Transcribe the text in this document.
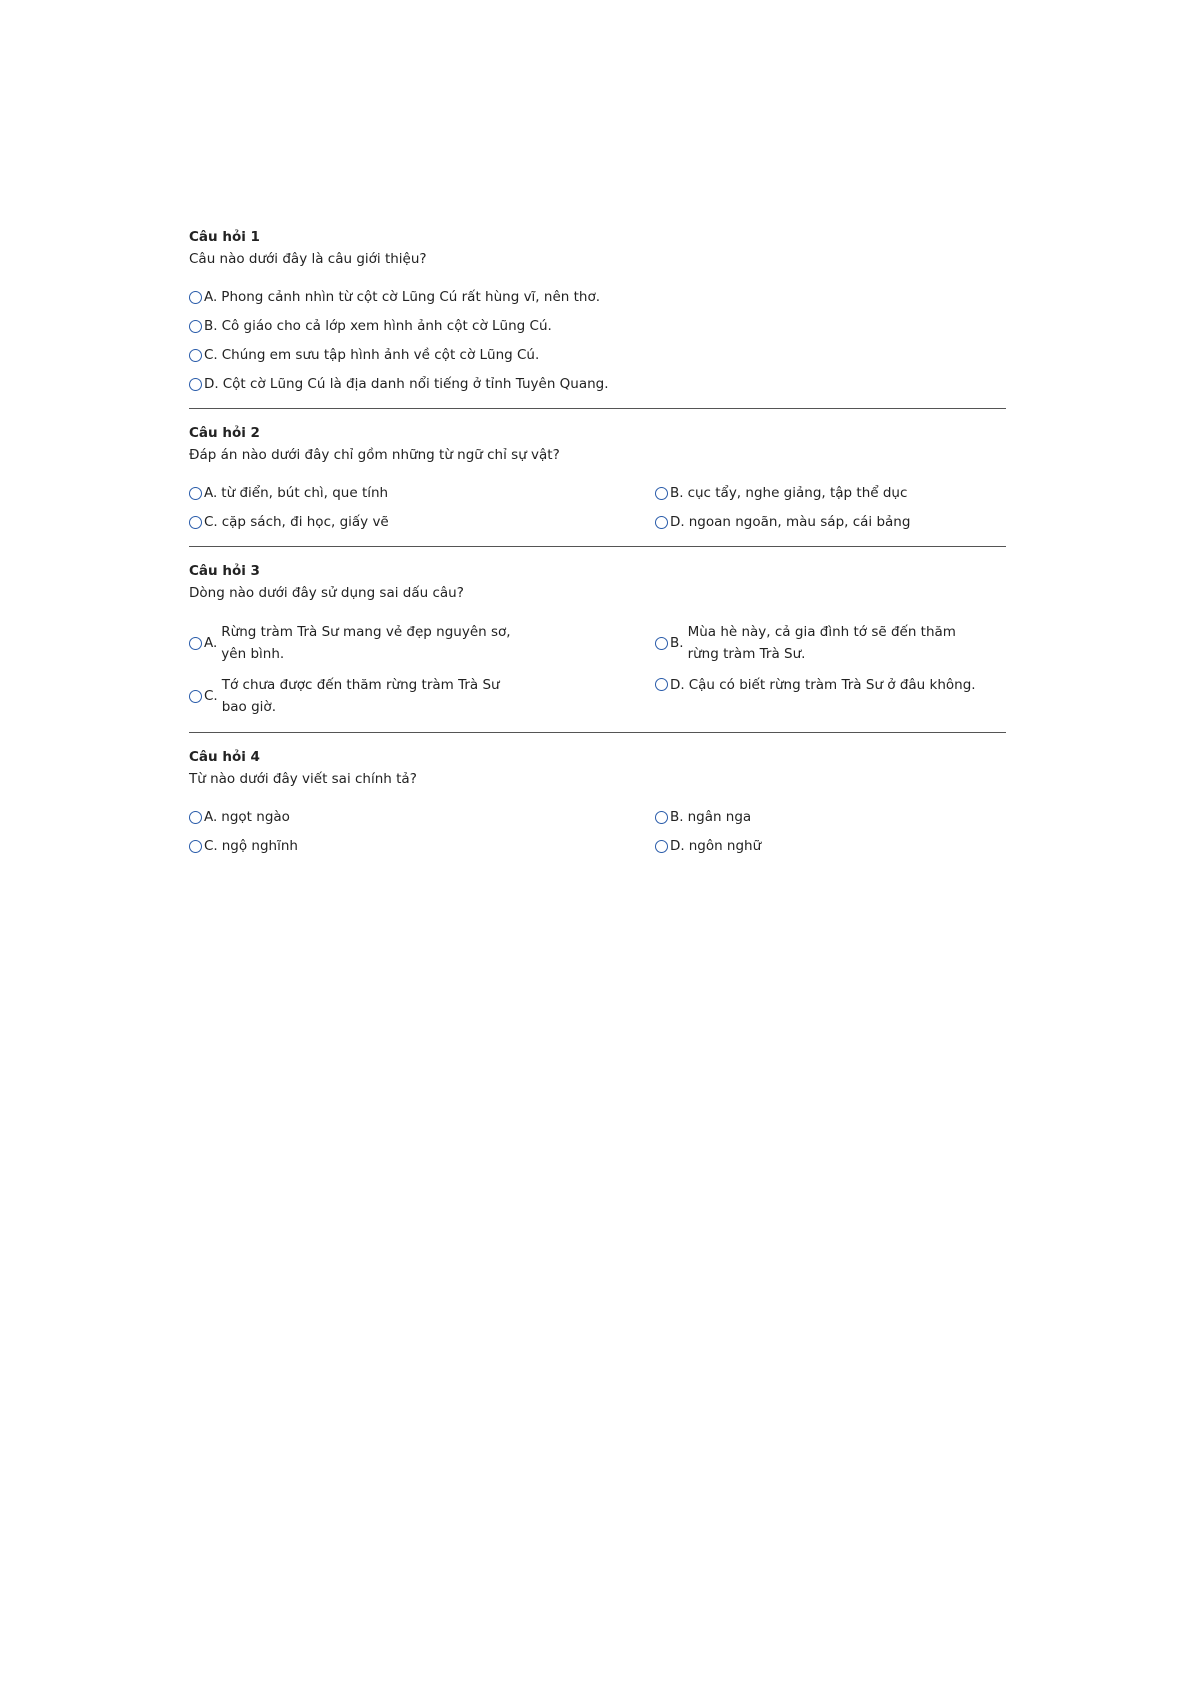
Câu hỏi 1

Câu nào dưới đây là câu giới thiệu?

A. Phong cảnh nhìn từ cột cờ Lũng Cú rất hùng vĩ, nên thơ.
B. Cô giáo cho cả lớp xem hình ảnh cột cờ Lũng Cú.
C. Chúng em sưu tập hình ảnh về cột cờ Lũng Cú.
D. Cột cờ Lũng Cú là địa danh nổi tiếng ở tỉnh Tuyên Quang.

Câu hỏi 2

Đáp án nào dưới đây chỉ gồm những từ ngữ chỉ sự vật?

A. từ điển, bút chì, que tính	B. cục tẩy, nghe giảng, tập thể dục
C. cặp sách, đi học, giấy vẽ	D. ngoan ngoãn, màu sáp, cái bảng

Câu hỏi 3

Dòng nào dưới đây sử dụng sai dấu câu?

A.
Rừng tràm Trà Sư mang vẻ đẹp nguyên sơ,
yên bình.
B.
Mùa hè này, cả gia đình tớ sẽ đến thăm
rừng tràm Trà Sư.
C.
Tớ chưa được đến thăm rừng tràm Trà Sư
bao giờ.
D. Cậu có biết rừng tràm Trà Sư ở đâu không.

Câu hỏi 4

Từ nào dưới đây viết sai chính tả?

A. ngọt ngào	B. ngân nga
C. ngộ nghĩnh	D. ngôn nghữ
